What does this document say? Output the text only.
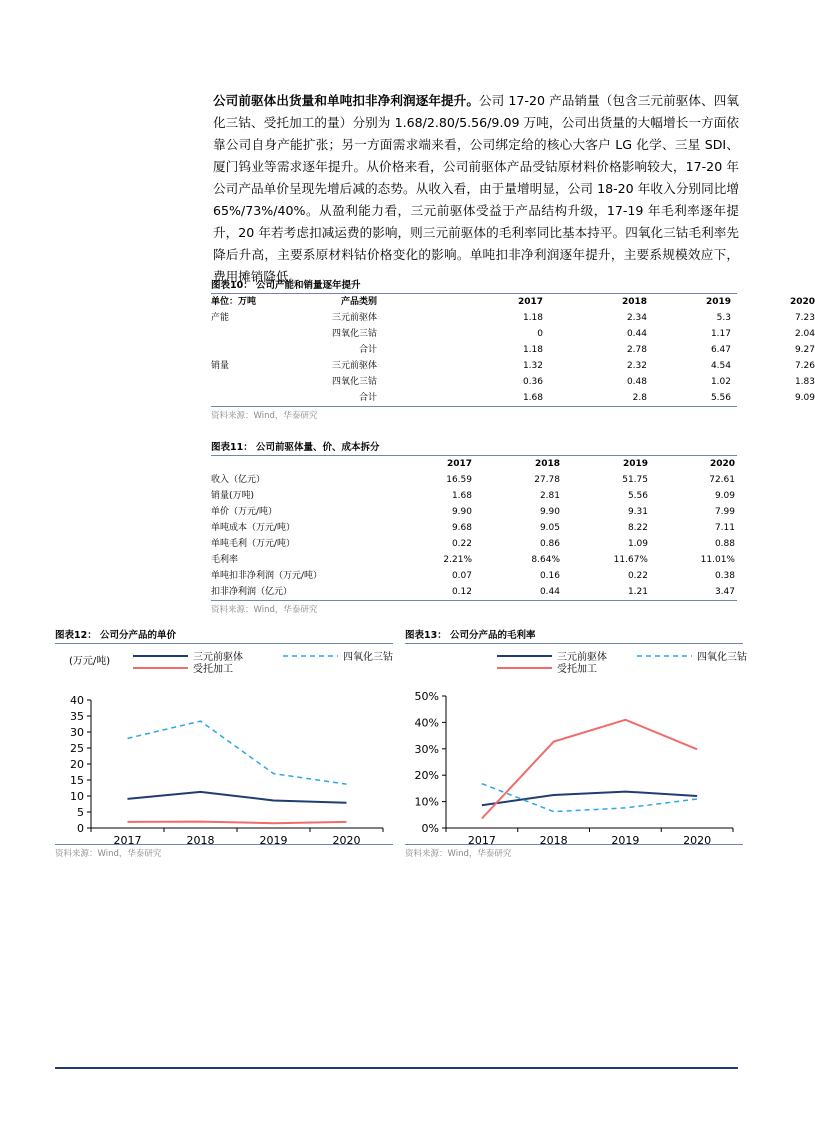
公司前驱体出货量和单吨扣非净利润逐年提升。公司 17-20 产品销量（包含三元前驱体、四氧化三钴、受托加工的量）分别为 1.68/2.80/5.56/9.09 万吨，公司出货量的大幅增长一方面依靠公司自身产能扩张；另一方面需求端来看，公司绑定给的核心大客户 LG 化学、三星 SDI、厦门钨业等需求逐年提升。从价格来看，公司前驱体产品受钴原材料价格影响较大，17-20 年公司产品单价呈现先增后减的态势。从收入看，由于量增明显，公司 18-20 年收入分别同比增 65%/73%/40%。从盈利能力看，三元前驱体受益于产品结构升级，17-19 年毛利率逐年提升，20 年若考虑扣减运费的影响，则三元前驱体的毛利率同比基本持平。四氧化三钴毛利率先降后升高，主要系原材料钴价格变化的影响。单吨扣非净利润逐年提升，主要系规模效应下，费用摊销降低。
图表10： 公司产能和销量逐年提升
单位：万吨	产品类别	2017	2018	2019	2020
产能	三元前驱体	1.18	2.34	5.3	7.23
四氧化三钴	0	0.44	1.17	2.04
合计	1.18	2.78	6.47	9.27
销量	三元前驱体	1.32	2.32	4.54	7.26
四氧化三钴	0.36	0.48	1.02	1.83
合计	1.68	2.8	5.56	9.09
资料来源：Wind，华泰研究
图表11： 公司前驱体量、价、成本拆分
2017	2018	2019	2020
收入（亿元）	16.59	27.78	51.75	72.61
销量(万吨)	1.68	2.81	5.56	9.09
单价（万元/吨）	9.90	9.90	9.31	7.99
单吨成本（万元/吨）	9.68	9.05	8.22	7.11
单吨毛利（万元/吨）	0.22	0.86	1.09	0.88
毛利率	2.21%	8.64%	11.67%	11.01%
单吨扣非净利润（万元/吨）	0.07	0.16	0.22	0.38
扣非净利润（亿元）	0.12	0.44	1.21	3.47
资料来源：Wind，华泰研究
图表12： 公司分产品的单价
(万元/吨)	三元前驱体	四氧化三钴
受托加工
0
5
10
15
20
25
30
35
40
2017	2018	2019	2020
资料来源：Wind，华泰研究
图表13： 公司分产品的毛利率
三元前驱体	四氧化三钴
受托加工
0%
10%
20%
30%
40%
50%
2017	2018	2019	2020
资料来源：Wind，华泰研究
